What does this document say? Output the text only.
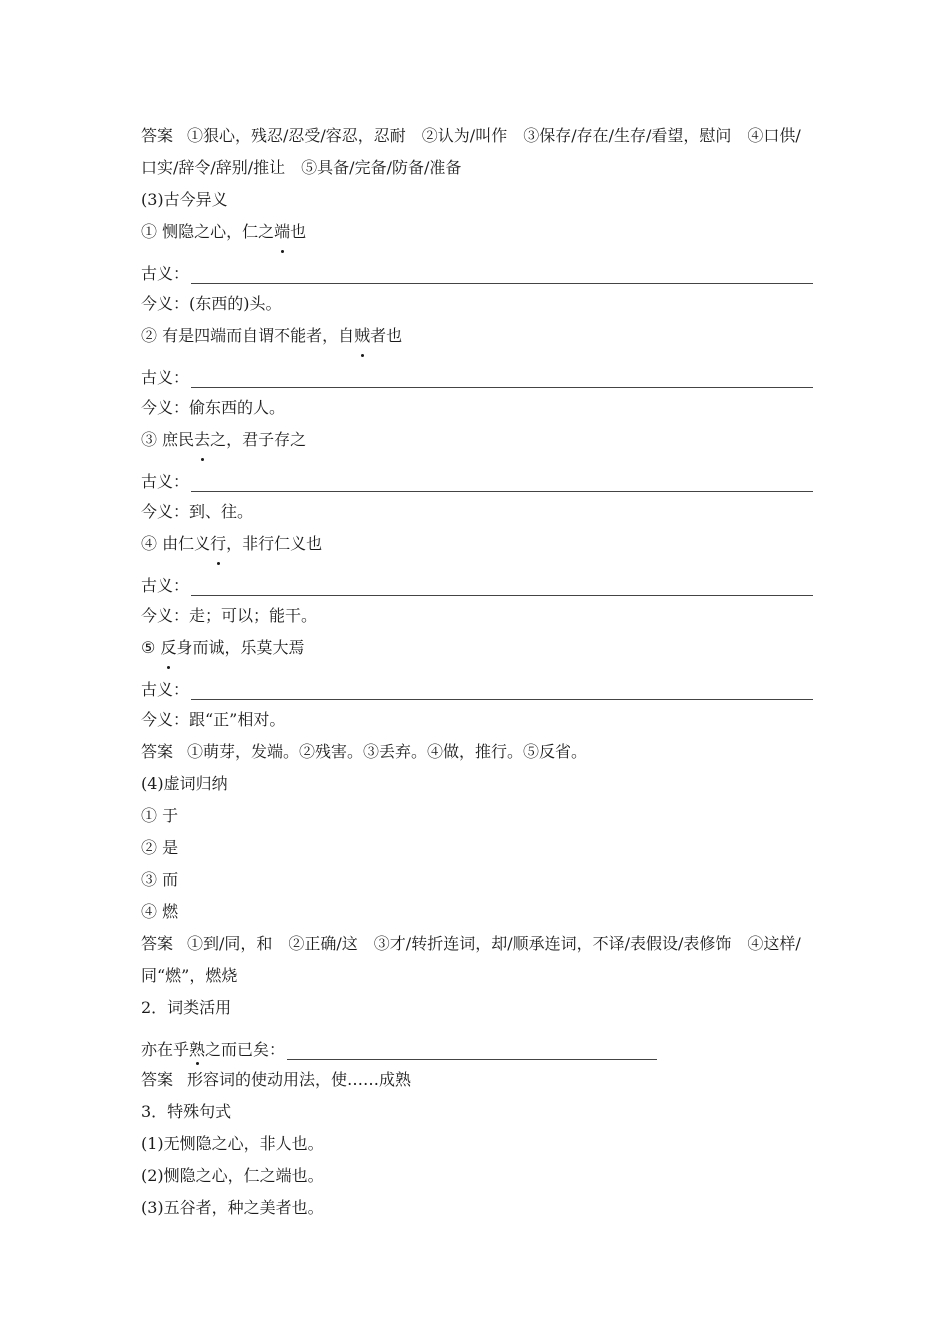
答案 ①狠心，残忍/忍受/容忍，忍耐　②认为/叫作　③保存/存在/生存/看望，慰问　④口供/口实/辞令/辞别/推让　⑤具备/完备/防备/准备
(3)古今异义
① 恻隐之心，仁之端也
古义：
今义：(东西的)头。
② 有是四端而自谓不能者，自贼者也
古义：
今义：偷东西的人。
③ 庶民去之，君子存之
古义：
今义：到、往。
④ 由仁义行，非行仁义也
古义：
今义：走；可以；能干。
⑤ 反身而诚，乐莫大焉
古义：
今义：跟“正”相对。
答案 ①萌芽，发端。②残害。③丢弃。④做，推行。⑤反省。
(4)虚词归纳
① 于
② 是
③ 而
④ 燃
答案 ①到/同，和　②正确/这　③才/转折连词，却/顺承连词，不译/表假设/表修饰　④这样/同“燃”，燃烧
2．词类活用
亦在乎 熟 之而已矣：
答案 形容词的使动用法，使……成熟
3．特殊句式
(1)无恻隐之心，非人也。
(2)恻隐之心，仁之端也。
(3)五谷者，种之美者也。
